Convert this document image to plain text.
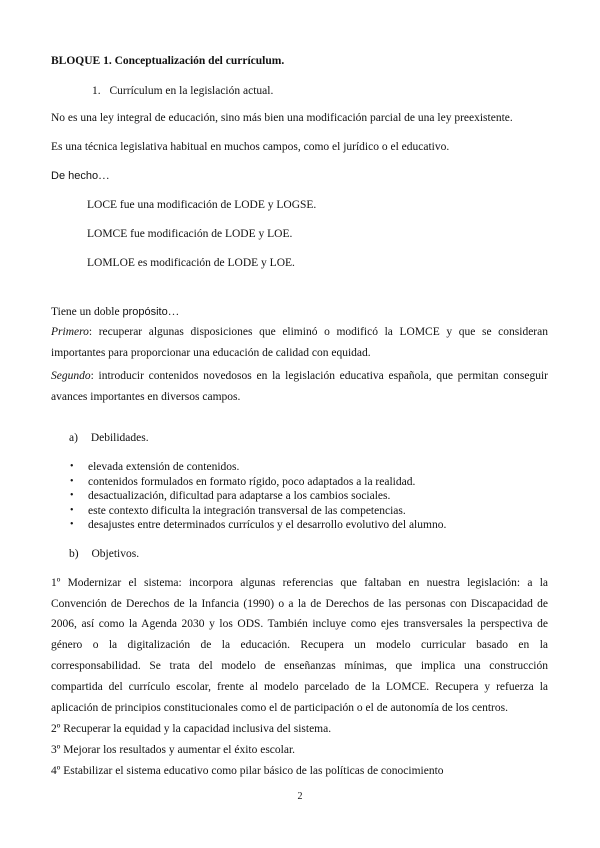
BLOQUE 1. Conceptualización del currículum.
1. Currículum en la legislación actual.
No es una ley integral de educación, sino más bien una modificación parcial de una ley preexistente.
Es una técnica legislativa habitual en muchos campos, como el jurídico o el educativo.
De hecho…
LOCE fue una modificación de LODE y LOGSE.
LOMCE fue modificación de LODE y LOE.
LOMLOE es modificación de LODE y LOE.
Tiene un doble propósito…
Primero: recuperar algunas disposiciones que eliminó o modificó la LOMCE y que se consideran
importantes para proporcionar una educación de calidad con equidad.
Segundo: introducir contenidos novedosos en la legislación educativa española, que permitan conseguir
avances importantes en diversos campos.
a) Debilidades.
• elevada extensión de contenidos.
• contenidos formulados en formato rígido, poco adaptados a la realidad.
• desactualización, dificultad para adaptarse a los cambios sociales.
• este contexto dificulta la integración transversal de las competencias.
• desajustes entre determinados currículos y el desarrollo evolutivo del alumno.
b) Objetivos.
1º Modernizar el sistema: incorpora algunas referencias que faltaban en nuestra legislación: a la
Convención de Derechos de la Infancia (1990) o a la de Derechos de las personas con Discapacidad de
2006, así como la Agenda 2030 y los ODS. También incluye como ejes transversales la perspectiva de
género o la digitalización de la educación. Recupera un modelo curricular basado en la
corresponsabilidad. Se trata del modelo de enseñanzas mínimas, que implica una construcción
compartida del currículo escolar, frente al modelo parcelado de la LOMCE. Recupera y refuerza la
aplicación de principios constitucionales como el de participación o el de autonomía de los centros.
2º Recuperar la equidad y la capacidad inclusiva del sistema.
3º Mejorar los resultados y aumentar el éxito escolar.
4º Estabilizar el sistema educativo como pilar básico de las políticas de conocimiento
2
